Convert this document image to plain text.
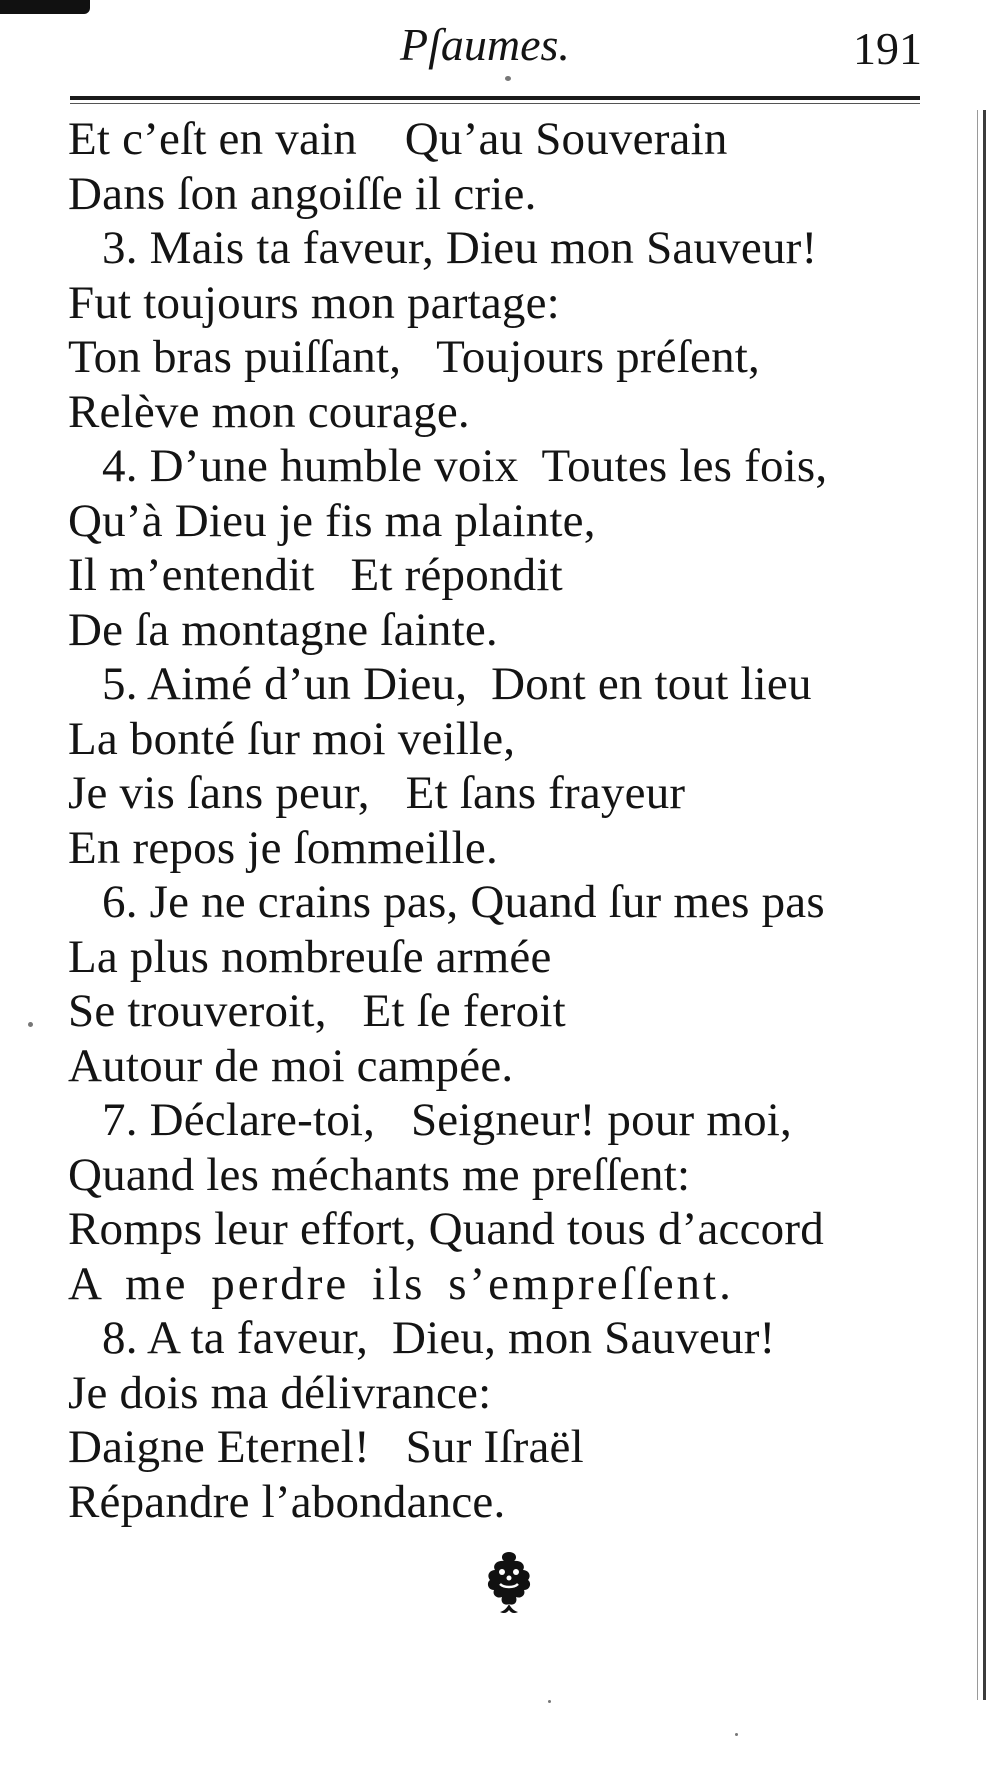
Pſaumes.	191
Et c’eſt en vain    Qu’au Souverain
Dans ſon angoiſſe il crie.
3. Mais ta faveur, Dieu mon Sauveur!
Fut toujours mon partage:
Ton bras puiſſant,   Toujours préſent,
Relève mon courage.
4. D’une humble voix  Toutes les fois,
Qu’à Dieu je fis ma plainte,
Il m’entendit   Et répondit
De ſa montagne ſainte.
5. Aimé d’un Dieu,  Dont en tout lieu
La bonté ſur moi veille,
Je vis ſans peur,   Et ſans frayeur
En repos je ſommeille.
6. Je ne crains pas, Quand ſur mes pas
La plus nombreuſe armée
Se trouveroit,   Et ſe feroit
Autour de moi campée.
7. Déclare-toi,   Seigneur! pour moi,
Quand les méchants me preſſent:
Romps leur effort, Quand tous d’accord
A me perdre ils s’empreſſent.
8. A ta faveur,  Dieu, mon Sauveur!
Je dois ma délivrance:
Daigne Eternel!   Sur Iſraël
Répandre l’abondance.
